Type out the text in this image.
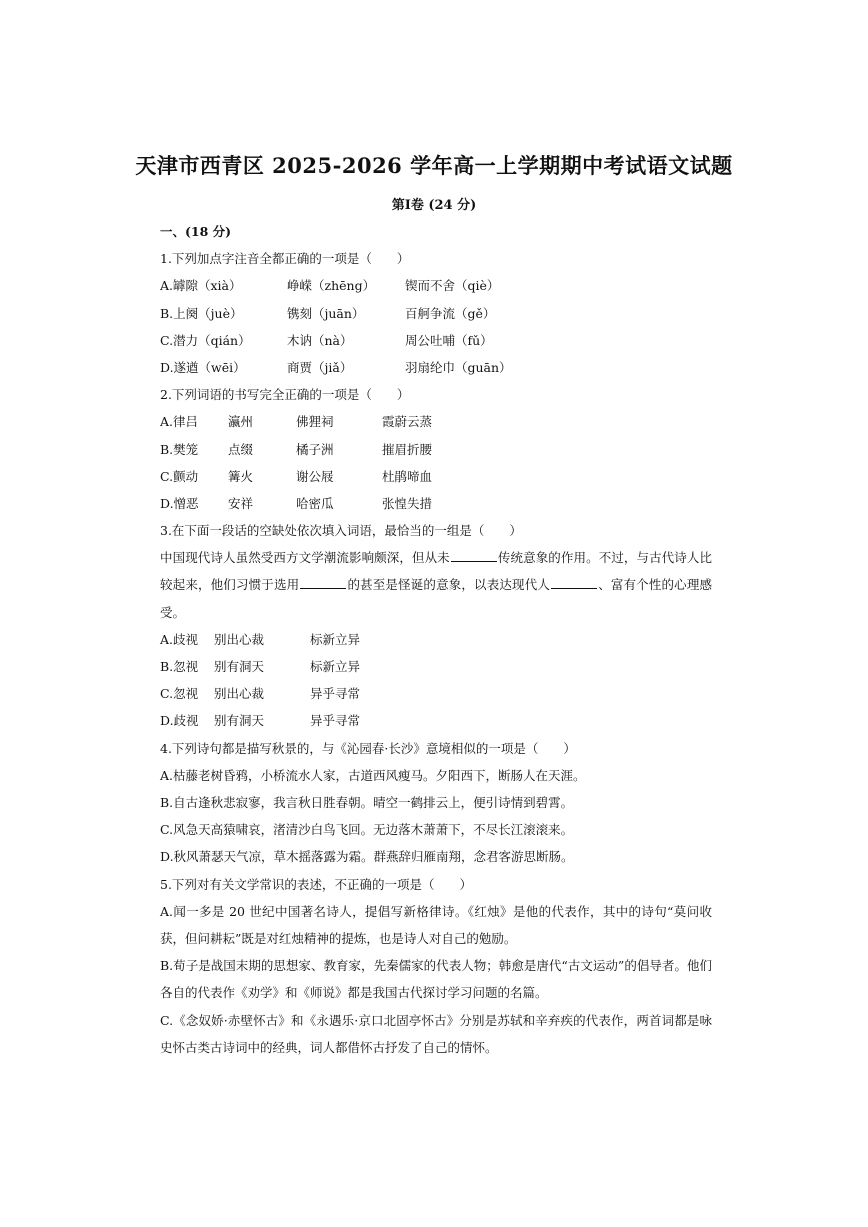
天津市西青区 2025-2026 学年高一上学期期中考试语文试题
第Ⅰ卷 (24 分)
一、(18 分)
1.下列加点字注音全都正确的一项是（　　）
A.罅隙（xià）	峥嵘（zhēng） 锲而不舍（qiè）
B.上阕（juè）	镌刻（juān）	百舸争流（gě）
C.潜力（qián）	木讷（nà）	周公吐哺（fǔ）
D.遂遒（wēi）	商贾（jiǎ）	羽扇纶巾（guān）
2.下列词语的书写完全正确的一项是（　　）
A.律吕 瀛州	佛狸祠	霞蔚云蒸
B.樊笼 点缀	橘子洲	摧眉折腰
C.颤动 篝火	谢公屐	杜鹃啼血
D.憎恶 安祥	哈密瓜	张惶失措
3.在下面一段话的空缺处依次填入词语，最恰当的一组是（　　）
中国现代诗人虽然受西方文学潮流影响颇深，但从未	传统意象的作用。不过，与古代诗人比较起来，他们习惯于选用	的甚至是怪诞的意象，以表达现代人	、富有个性的心理感受。
A.歧视 别出心裁	标新立异
B.忽视 别有洞天	标新立异
C.忽视 别出心裁	异乎寻常
D.歧视 别有洞天	异乎寻常
4.下列诗句都是描写秋景的，与《沁园春·长沙》意境相似的一项是（　　）
A.枯藤老树昏鸦，小桥流水人家，古道西风瘦马。夕阳西下，断肠人在天涯。
B.自古逢秋悲寂寥，我言秋日胜春朝。晴空一鹤排云上，便引诗情到碧霄。
C.风急天高猿啸哀，渚清沙白鸟飞回。无边落木萧萧下，不尽长江滚滚来。
D.秋风萧瑟天气凉，草木摇落露为霜。群燕辞归雁南翔，念君客游思断肠。
5.下列对有关文学常识的表述，不正确的一项是（　　）
A.闻一多是 20 世纪中国著名诗人，提倡写新格律诗。《红烛》是他的代表作，其中的诗句“莫问收获，但问耕耘”既是对红烛精神的提炼，也是诗人对自己的勉励。
B.荀子是战国末期的思想家、教育家，先秦儒家的代表人物；韩愈是唐代“古文运动”的倡导者。他们各自的代表作《劝学》和《师说》都是我国古代探讨学习问题的名篇。
C.《念奴娇·赤壁怀古》和《永遇乐·京口北固亭怀古》分别是苏轼和辛弃疾的代表作，两首词都是咏史怀古类古诗词中的经典，词人都借怀古抒发了自己的情怀。
